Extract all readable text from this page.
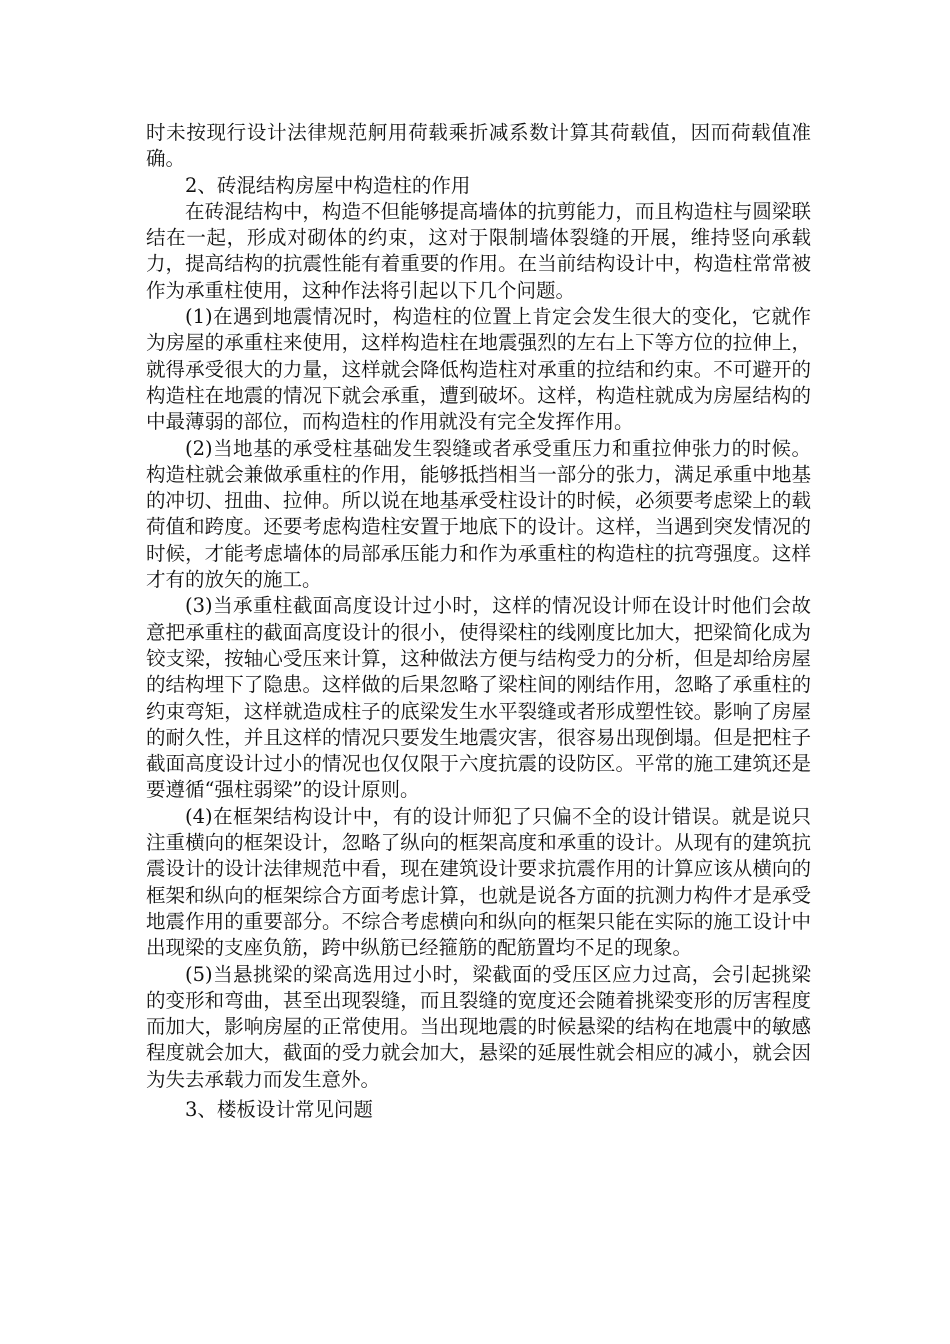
时未按现行设计法律规范舸用荷载乘折减系数计算其荷载值，因而荷载值准确。

2、砖混结构房屋中构造柱的作用

在砖混结构中，构造不但能够提高墙体的抗剪能力，而且构造柱与圆梁联结在一起，形成对砌体的约束，这对于限制墙体裂缝的开展，维持竖向承载力，提高结构的抗震性能有着重要的作用。在当前结构设计中，构造柱常常被作为承重柱使用，这种作法将引起以下几个问题。

(1)在遇到地震情况时，构造柱的位置上肯定会发生很大的变化，它就作为房屋的承重柱来使用，这样构造柱在地震强烈的左右上下等方位的拉伸上，就得承受很大的力量，这样就会降低构造柱对承重的拉结和约束。不可避开的构造柱在地震的情况下就会承重，遭到破坏。这样，构造柱就成为房屋结构的中最薄弱的部位，而构造柱的作用就没有完全发挥作用。

(2)当地基的承受柱基础发生裂缝或者承受重压力和重拉伸张力的时候。构造柱就会兼做承重柱的作用，能够抵挡相当一部分的张力，满足承重中地基的冲切、扭曲、拉伸。所以说在地基承受柱设计的时候，必须要考虑梁上的载荷值和跨度。还要考虑构造柱安置于地底下的设计。这样，当遇到突发情况的时候，才能考虑墙体的局部承压能力和作为承重柱的构造柱的抗弯强度。这样才有的放矢的施工。

(3)当承重柱截面高度设计过小时，这样的情况设计师在设计时他们会故意把承重柱的截面高度设计的很小，使得梁柱的线刚度比加大，把梁简化成为铰支梁，按轴心受压来计算，这种做法方便与结构受力的分析，但是却给房屋的结构埋下了隐患。这样做的后果忽略了梁柱间的刚结作用，忽略了承重柱的约束弯矩，这样就造成柱子的底梁发生水平裂缝或者形成塑性铰。影响了房屋的耐久性，并且这样的情况只要发生地震灾害，很容易出现倒塌。但是把柱子截面高度设计过小的情况也仅仅限于六度抗震的设防区。平常的施工建筑还是要遵循“强柱弱梁”的设计原则。

(4)在框架结构设计中，有的设计师犯了只偏不全的设计错误。就是说只注重横向的框架设计，忽略了纵向的框架高度和承重的设计。从现有的建筑抗震设计的设计法律规范中看，现在建筑设计要求抗震作用的计算应该从横向的框架和纵向的框架综合方面考虑计算，也就是说各方面的抗测力构件才是承受地震作用的重要部分。不综合考虑横向和纵向的框架只能在实际的施工设计中出现梁的支座负筋，跨中纵筋已经箍筋的配筋置均不足的现象。

(5)当悬挑梁的梁高选用过小时，梁截面的受压区应力过高，会引起挑梁的变形和弯曲，甚至出现裂缝，而且裂缝的宽度还会随着挑梁变形的厉害程度而加大，影响房屋的正常使用。当出现地震的时候悬梁的结构在地震中的敏感程度就会加大，截面的受力就会加大，悬梁的延展性就会相应的减小，就会因为失去承载力而发生意外。

3、楼板设计常见问题
